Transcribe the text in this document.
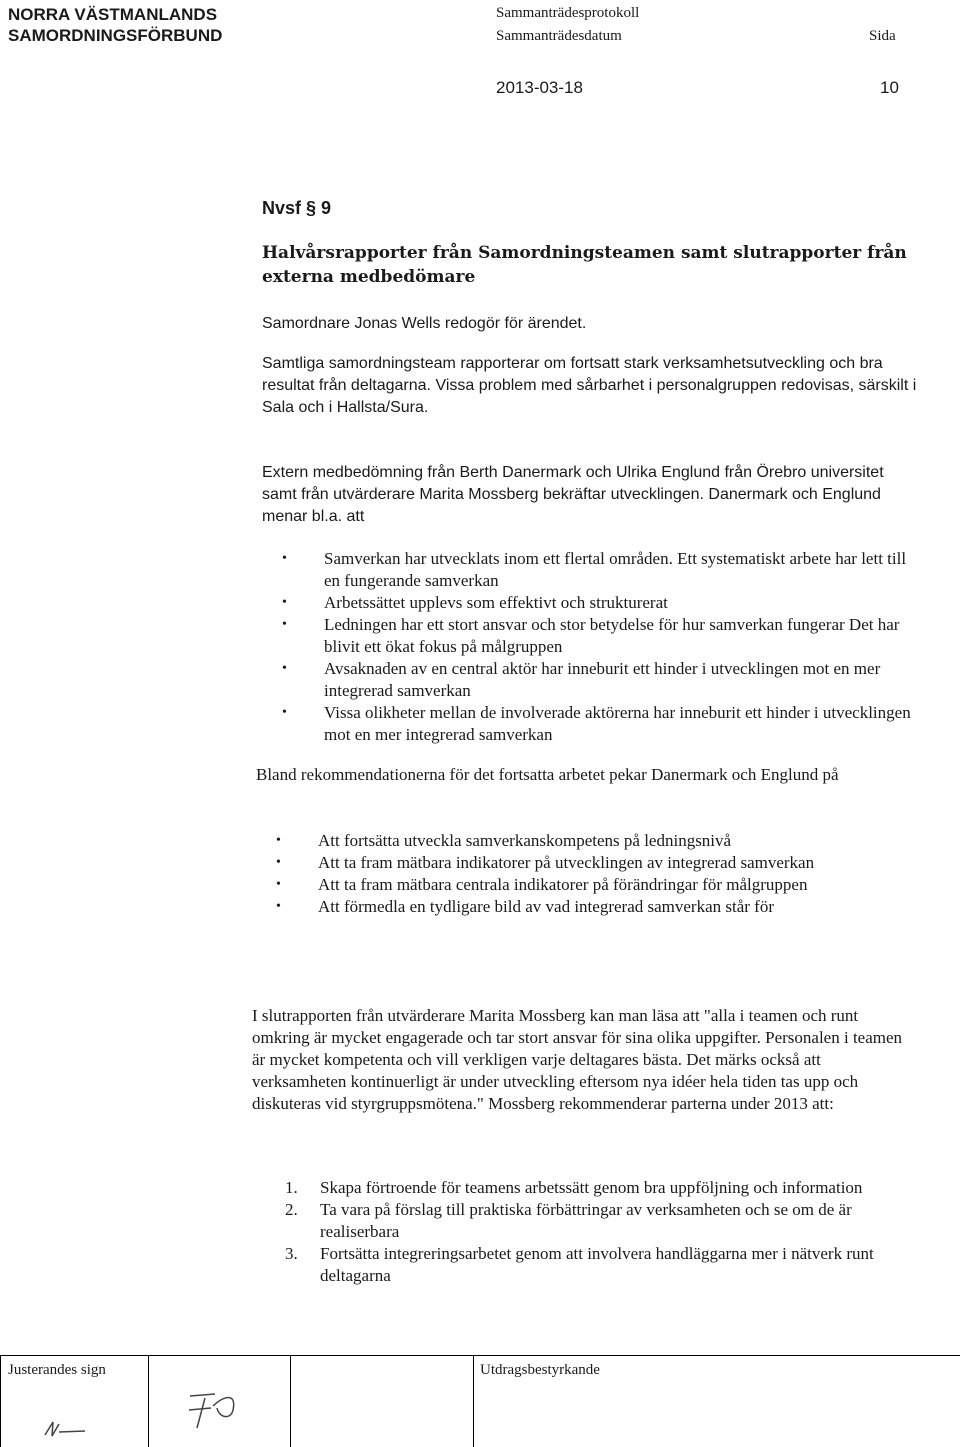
NORRA VÄSTMANLANDS
SAMORDNINGSFÖRBUND
Sammanträdesprotokoll
Sammanträdesdatum	Sida
2013-03-18	10
Nvsf § 9
Halvårsrapporter från Samordningsteamen samt slutrapporter från externa medbedömare
Samordnare Jonas Wells redogör för ärendet.
Samtliga samordningsteam rapporterar om fortsatt stark verksamhetsutveckling och bra resultat från deltagarna. Vissa problem med sårbarhet i personalgruppen redovisas, särskilt i Sala och i Hallsta/Sura.
Extern medbedömning från Berth Danermark och Ulrika Englund från Örebro universitet samt från utvärderare Marita Mossberg bekräftar utvecklingen. Danermark och Englund menar bl.a. att
• Samverkan har utvecklats inom ett flertal områden. Ett systematiskt arbete har lett till en fungerande samverkan
• Arbetssättet upplevs som effektivt och strukturerat
• Ledningen har ett stort ansvar och stor betydelse för hur samverkan fungerar Det har blivit ett ökat fokus på målgruppen
• Avsaknaden av en central aktör har inneburit ett hinder i utvecklingen mot en mer integrerad samverkan
• Vissa olikheter mellan de involverade aktörerna har inneburit ett hinder i utvecklingen mot en mer integrerad samverkan
Bland rekommendationerna för det fortsatta arbetet pekar Danermark och Englund på
• Att fortsätta utveckla samverkanskompetens på ledningsnivå
• Att ta fram mätbara indikatorer på utvecklingen av integrerad samverkan
• Att ta fram mätbara centrala indikatorer på förändringar för målgruppen
• Att förmedla en tydligare bild av vad integrerad samverkan står för
I slutrapporten från utvärderare Marita Mossberg kan man läsa att "alla i teamen och runt omkring är mycket engagerade och tar stort ansvar för sina olika uppgifter. Personalen i teamen är mycket kompetenta och vill verkligen varje deltagares bästa. Det märks också att verksamheten kontinuerligt är under utveckling eftersom nya idéer hela tiden tas upp och diskuteras vid styrgruppsmötena." Mossberg rekommenderar parterna under 2013 att:
1. Skapa förtroende för teamens arbetssätt genom bra uppföljning och information
2. Ta vara på förslag till praktiska förbättringar av verksamheten och se om de är realiserbara
3. Fortsätta integreringsarbetet genom att involvera handläggarna mer i nätverk runt deltagarna
Justerandes sign	Utdragsbestyrkande
